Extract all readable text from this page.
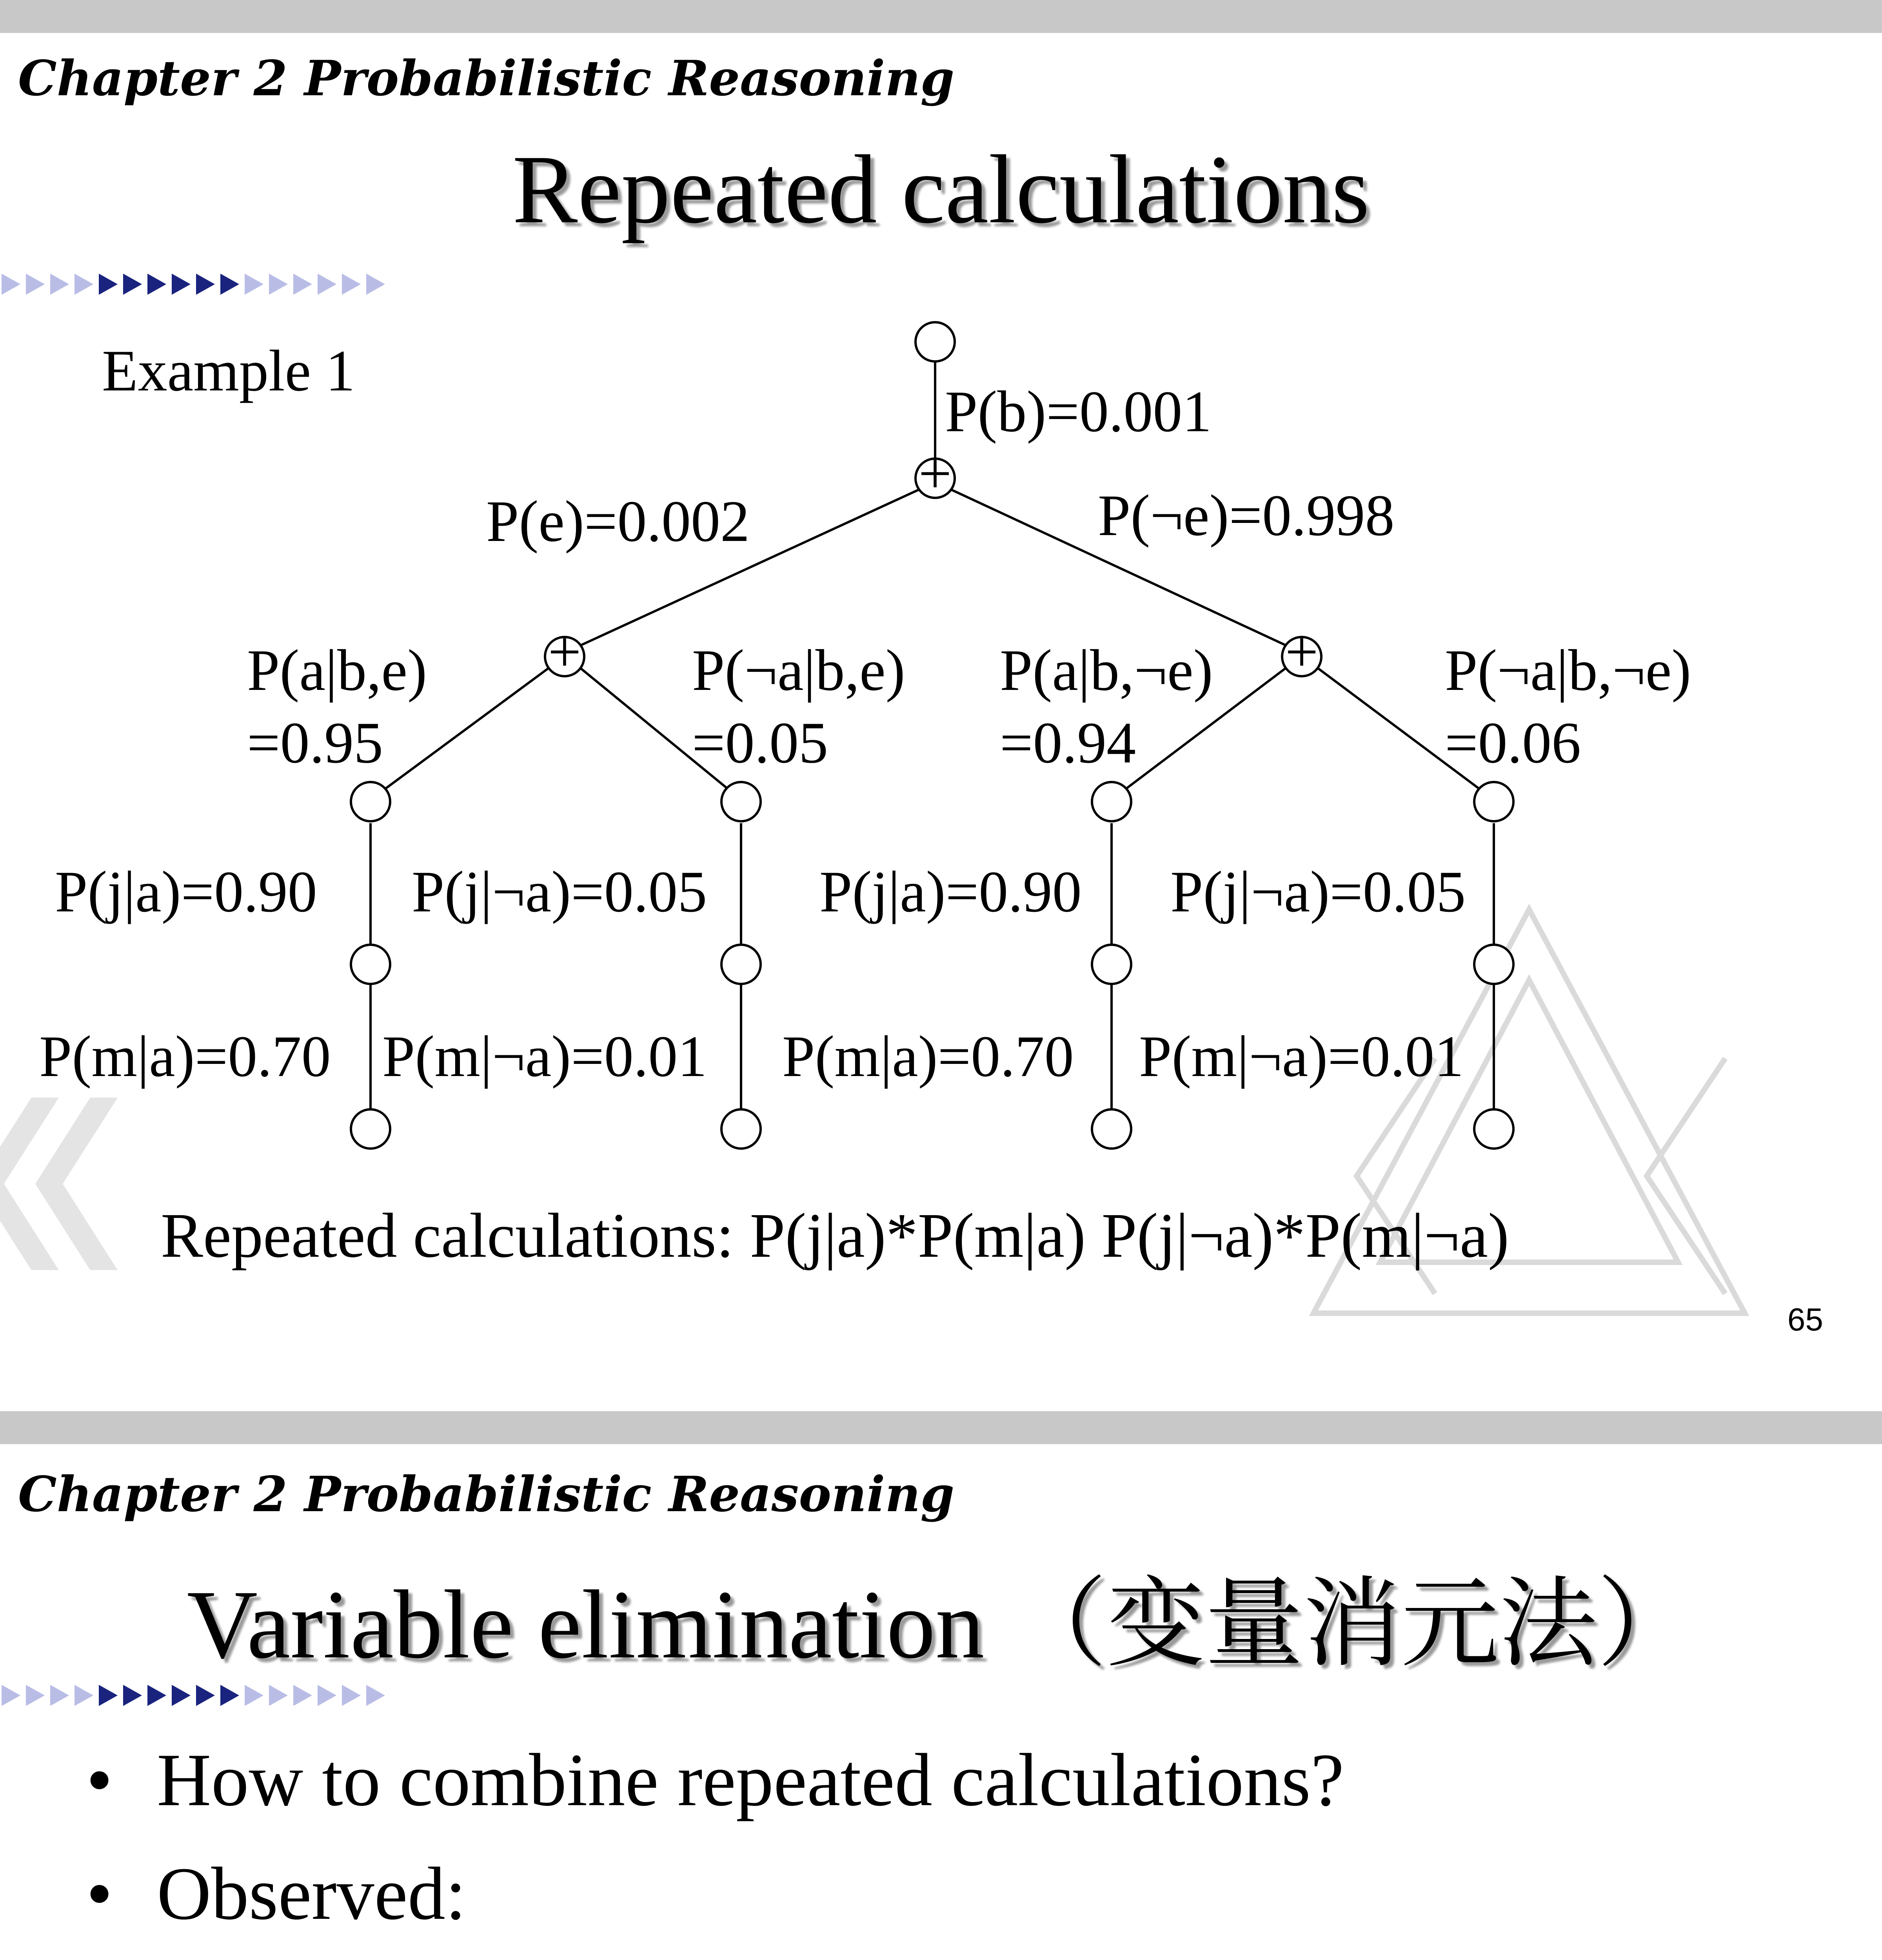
Chapter 2 Probabilistic Reasoning
Repeated calculations
Example 1
+
+	+
P(b)=0.001
P(e)=0.002	P(¬e)=0.998
P(a|b,e)
=0.95
P(¬a|b,e)
=0.05
P(a|b,¬e)
=0.94
P(¬a|b,¬e)
=0.06
P(j|a)=0.90 P(j|¬a)=0.05 P(j|a)=0.90 P(j|¬a)=0.05
P(m|a)=0.70 P(m|¬a)=0.01 P(m|a)=0.70 P(m|¬a)=0.01
Repeated calculations: P(j|a)*P(m|a) P(j|¬a)*P(m|¬a)
65
Chapter 2 Probabilistic Reasoning
Variable elimination （变量消元法）
• How to combine repeated calculations?
• Observed:
